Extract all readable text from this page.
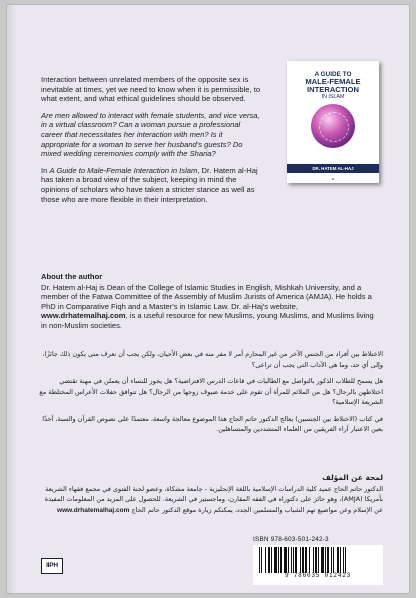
Interaction between unrelated members of the opposite sex is inevitable at times, yet we need to know when it is permissible, to what extent, and what ethical guidelines should be observed.

Are men allowed to interact with female students, and vice versa, in a virtual classroom? Can a woman pursue a professional career that necessitates her interaction with men? Is it appropriate for a woman to serve her husband's guests? Do mixed wedding ceremonies comply with the Sharia?

In A Guide to Male-Female Interaction in Islam, Dr. Hatem al-Haj has taken a broad view of the subject, keeping in mind the opinions of scholars who have taken a stricter stance as well as those who are more flexible in their interpretation.

A GUIDE TO
MALE-FEMALE
INTERACTION
IN ISLAM
DR. HATEM AL-HAJ
■
About the author

Dr. Hatem al-Haj is Dean of the College of Islamic Studies in English, Mishkah University, and a member of the Fatwa Committee of the Assembly of Muslim Jurists of America (AMJA). He holds a PhD in Comparative Fiqh and a Master's in Islamic Law. Dr. al-Haj's website, www.drhatemalhaj.com, is a useful resource for new Muslims, young Muslims, and Muslims living in non-Muslim societies.

الاختلاط بين أفراد من الجنس الآخر من غير المحارم أمر لا مفر منه في بعض الأحيان، ولكن يجب أن نعرف متى يكون ذلك جائزًا، وإلى أي حد، وما هي الآداب التي يجب أن تراعى؟

هل يسمح للطلاب الذكور بالتواصل مع الطالبات في قاعات الدرس الافتراضية؟ هل يجوز للنساء أن يعملن في مهنة تقتضي اختلاطهن بالرجال؟ هل من الملائم للمرأة أن تقوم على خدمة ضيوف زوجها من الرجال؟ هل تتوافق حفلات الأعراس المختلطة مع الشريعة الإسلامية؟

في كتاب (الاختلاط بين الجنسين) يعالج الدكتور حاتم الحاج هذا الموضوع معالجة واسعة، معتمدًا على نصوص القرآن والسنة، آخذًا بعين الاعتبار آراء الفريقين من العلماء المتشددين والمتساهلين.

لمحة عن المؤلف

الدكتور حاتم الحاج عميد كلية الدراسات الإسلامية باللغة الإنجليزية - جامعة مشكاة، وعضو لجنة الفتوى في مجمع فقهاء الشريعة بأمريكا (AMJA)، وهو حائز على دكتوراه في الفقه المقارن، وماجستير في الشريعة. للحصول على المزيد من المعلومات المفيدة عن الإسلام وعن مواضيع تهم الشباب والمسلمين الجدد، يمكنكم زيارة موقع الدكتور حاتم الحاج www.drhatemalhaj.com

ISBN 978-603-501-242-3
9 786035 012423
IIPH
